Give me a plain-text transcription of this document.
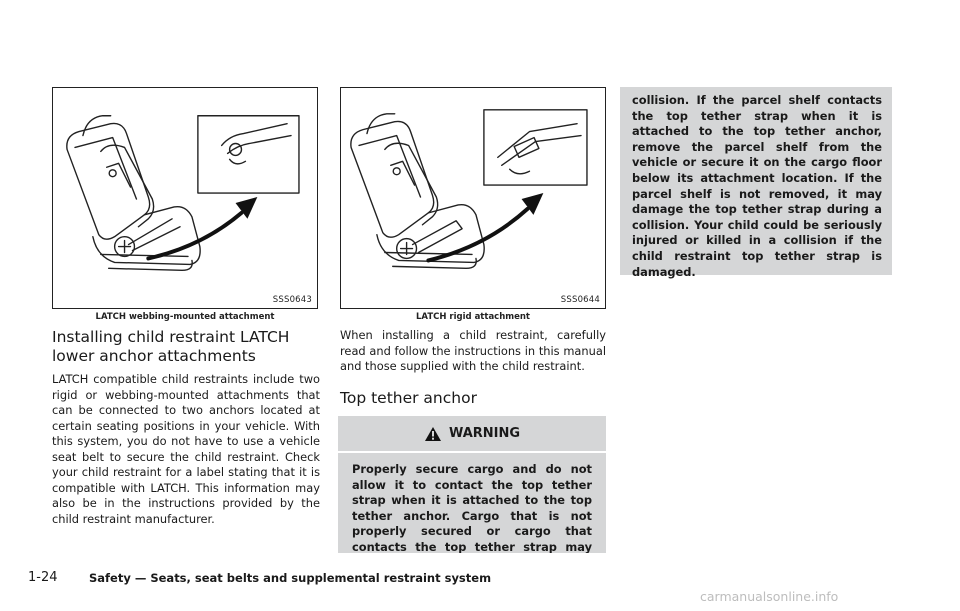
SSS0643
LATCH webbing-mounted attachment
SSS0644
LATCH rigid attachment
Installing child restraint LATCH
lower anchor attachments

LATCH compatible child restraints include two rigid or webbing-mounted attachments that can be connected to two anchors located at certain seating positions in your vehicle. With this system, you do not have to use a vehicle seat belt to secure the child restraint. Check your child restraint for a label stating that it is compatible with LATCH. This information may also be in the instructions provided by the child restraint manufacturer.

When installing a child restraint, carefully read and follow the instructions in this manual and those supplied with the child restraint.

Top tether anchor
WARNING

Properly secure cargo and do not allow it to contact the top tether strap when it is attached to the top tether anchor. Cargo that is not properly secured or cargo that contacts the top tether strap may

collision. If the parcel shelf contacts the top tether strap when it is attached to the top tether anchor, remove the parcel shelf from the vehicle or secure it on the cargo floor below its attachment location. If the parcel shelf is not removed, it may damage the top tether strap during a collision. Your child could be seriously injured or killed in a collision if the child restraint top tether strap is damaged.

1-24	Safety — Seats, seat belts and supplemental restraint system
carmanualsonline.info
